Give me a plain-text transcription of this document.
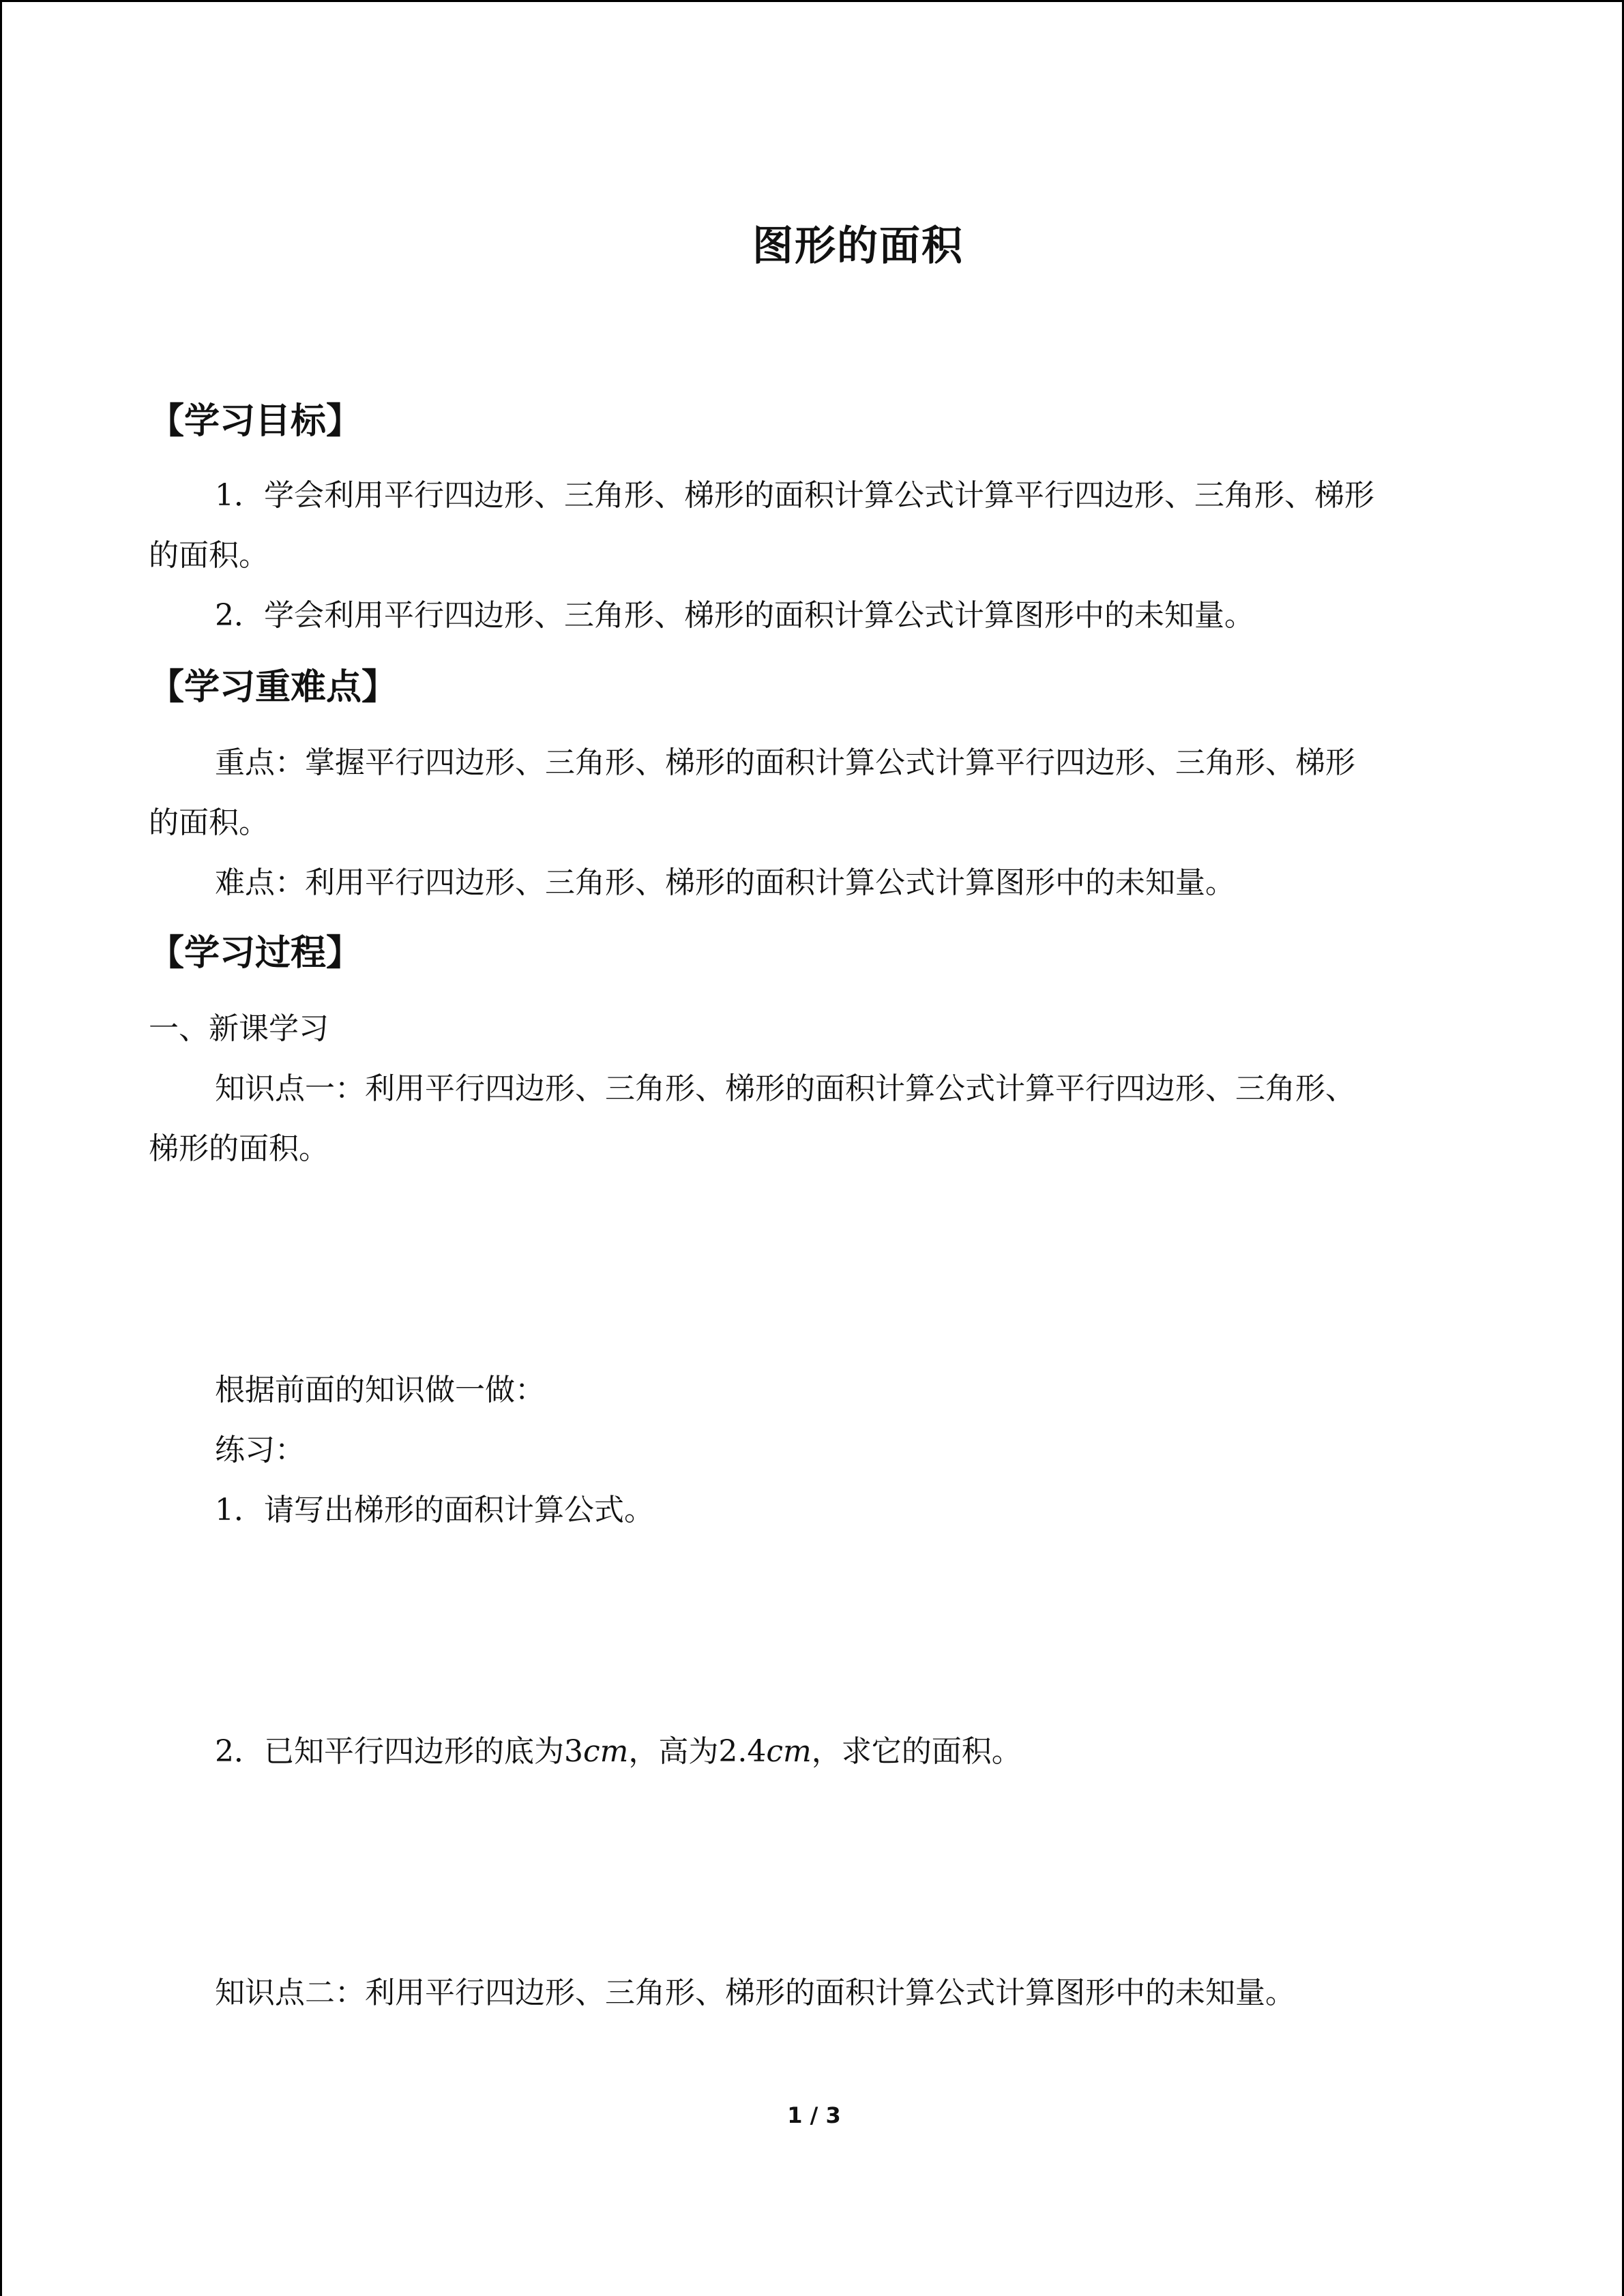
图形的面积
【学习目标】
1．学会利用平行四边形、三角形、梯形的面积计算公式计算平行四边形、三角形、梯形
的面积。
2．学会利用平行四边形、三角形、梯形的面积计算公式计算图形中的未知量。
【学习重难点】
重点：掌握平行四边形、三角形、梯形的面积计算公式计算平行四边形、三角形、梯形
的面积。
难点：利用平行四边形、三角形、梯形的面积计算公式计算图形中的未知量。
【学习过程】
一、新课学习
知识点一：利用平行四边形、三角形、梯形的面积计算公式计算平行四边形、三角形、
梯形的面积。
根据前面的知识做一做：
练习：
1．请写出梯形的面积计算公式。
2．已知平行四边形的底为3cm，高为2.4cm，求它的面积。
知识点二：利用平行四边形、三角形、梯形的面积计算公式计算图形中的未知量。
1 / 3
